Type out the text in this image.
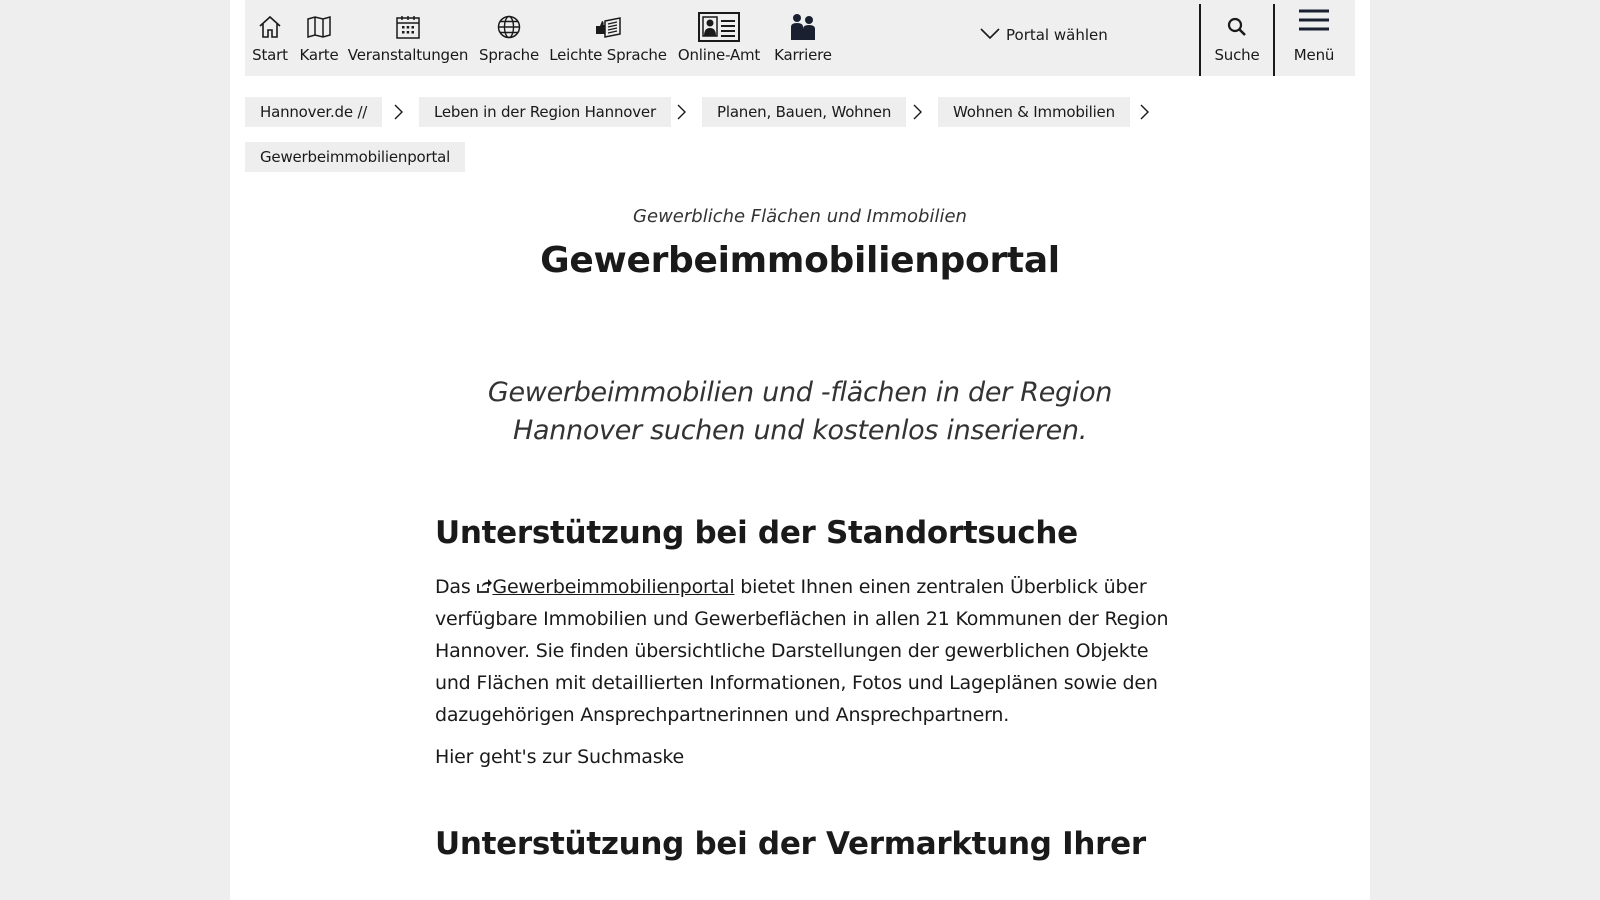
Start Karte Veranstaltungen Sprache Leichte Sprache Online-Amt Karriere
Portal wählen
Suche Menü
Hannover.de //	Leben in der Region Hannover	Planen, Bauen, Wohnen	Wohnen & Immobilien
Gewerbeimmobilienportal
Gewerbliche Flächen und Immobilien
Gewerbeimmobilienportal

Gewerbeimmobilien und -flächen in der Region Hannover suchen und kostenlos inserieren.

Unterstützung bei der Standortsuche

Das Gewerbeimmobilienportal bietet Ihnen einen zentralen Überblick über verfügbare Immobilien und Gewerbeflächen in allen 21 Kommunen der Region Hannover. Sie finden übersichtliche Darstellungen der gewerblichen Objekte und Flächen mit detaillierten Informationen, Fotos und Lageplänen sowie den dazugehörigen Ansprechpartnerinnen und Ansprechpartnern.

Hier geht's zur Suchmaske

Unterstützung bei der Vermarktung Ihrer
